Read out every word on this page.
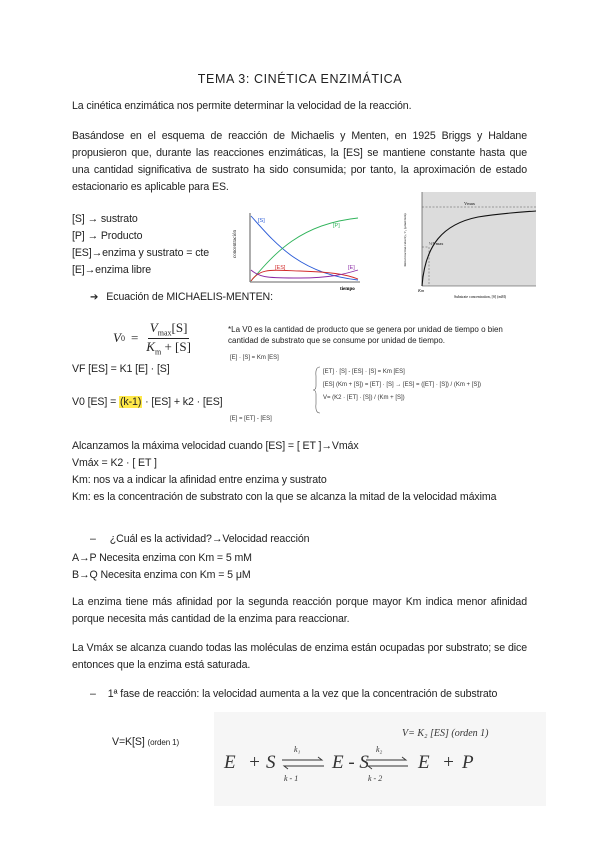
TEMA 3: CINÉTICA ENZIMÁTICA
La cinética enzimática nos permite determinar la velocidad de la reacción.
Basándose en el esquema de reacción de Michaelis y Menten, en 1925 Briggs y Haldane propusieron que, durante las reacciones enzimáticas, la [ES] se mantiene constante hasta que una cantidad significativa de sustrato ha sido consumida; por tanto, la aproximación de estado estacionario es aplicable para ES.
[S] → sustrato
[P] → Producto
[ES]→enzima y sustrato = cte
[E]→enzima libre
concentración
[S]
[P]
[ES]	[E]
tiempo
Vmax
½Vmax
Initial reaction velocity, V₀ (μmol/min)
Km
Substrate concentration, [S] (mM)
➔ Ecuación de MICHAELIS-MENTEN:
V 0 =
$V_{max}[S]$
$K_m + [S]$
*La V0 es la cantidad de producto que se genera por unidad de tiempo o bien cantidad de substrato que se consume por unidad de tiempo.
[E] · [S] = Km [ES]
VF [ES] = K1 [E] · [S]
V0 [ES] = (k-1) · [ES] + k2 · [ES]
[ET] · [S] - [ES] · [S] = Km [ES]
[ES] (Km + [S]) = [ET] · [S] → [ES] = ([ET] · [S]) / (Km + [S])
V= (K2 · [ET] · [S]) / (Km + [S])
[E] = [ET] - [ES]
Alcanzamos la máxima velocidad cuando [ES] = [ ET ]→Vmáx
Vmáx = K2 · [ ET ]
Km: nos va a indicar la afinidad entre enzima y sustrato
Km: es la concentración de substrato con la que se alcanza la mitad de la velocidad máxima
– ¿Cuál es la actividad?→Velocidad reacción
A→P Necesita enzima con Km = 5 mM
B→Q Necesita enzima con Km = 5 μM
La enzima tiene más afinidad por la segunda reacción porque mayor Km indica menor afinidad porque necesita más cantidad de la enzima para reaccionar.
La Vmáx se alcanza cuando todas las moléculas de enzima están ocupadas por substrato; se dice entonces que la enzima está saturada.
– 1ª fase de reacción: la velocidad aumenta a la vez que la concentración de substrato
V=K[S] (orden 1)
V= K₂ [ES] (orden 1)
E + S
k₁
k - 1
E - S
k₂
k - 2
E + P
